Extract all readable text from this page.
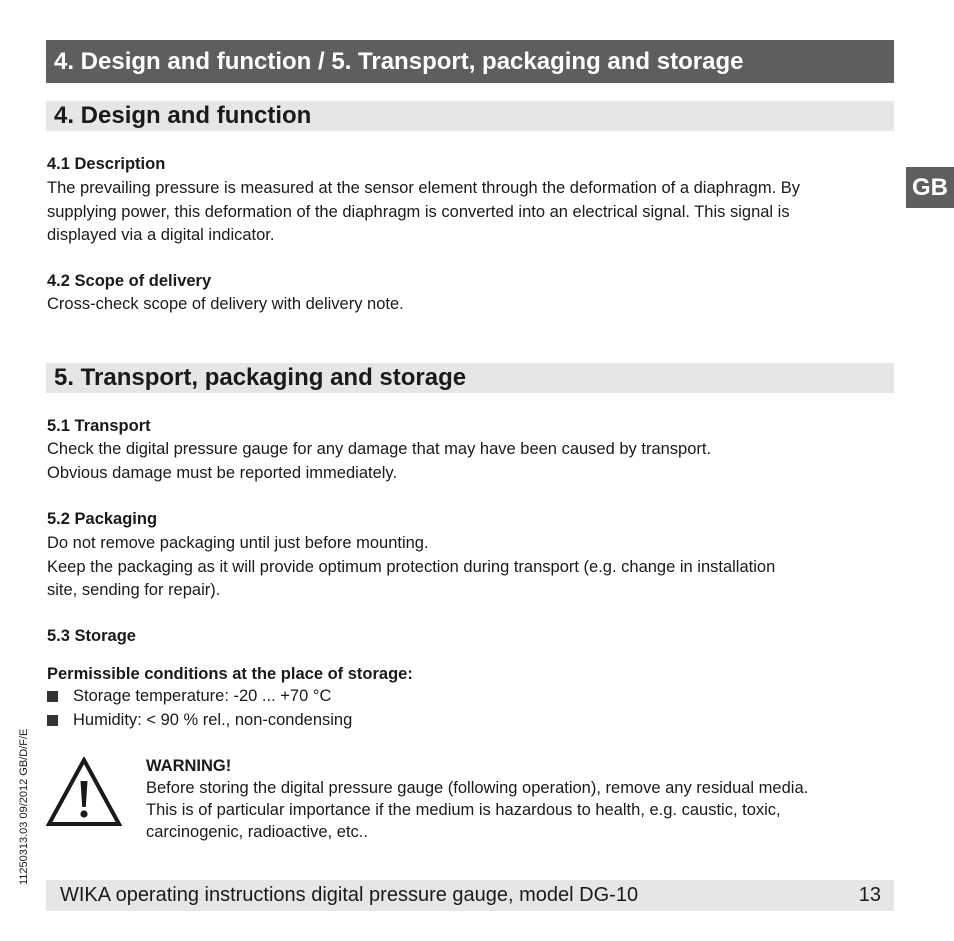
4. Design and function / 5. Transport, packaging and storage
GB
11250313.03 09/2012 GB/D/F/E
4. Design and function
4.1 Description
The prevailing pressure is measured at the sensor element through the deformation of a diaphragm. By
supplying power, this deformation of the diaphragm is converted into an electrical signal. This signal is
displayed via a digital indicator.
4.2 Scope of delivery
Cross-check scope of delivery with delivery note.
5. Transport, packaging and storage
5.1 Transport
Check the digital pressure gauge for any damage that may have been caused by transport.
Obvious damage must be reported immediately.
5.2 Packaging
Do not remove packaging until just before mounting.
Keep the packaging as it will provide optimum protection during transport (e.g. change in installation
site, sending for repair).
5.3 Storage
Permissible conditions at the place of storage:
Storage temperature: -20 ... +70 °C
Humidity: < 90 % rel., non-condensing
WARNING!
Before storing the digital pressure gauge (following operation), remove any residual media.
This is of particular importance if the medium is hazardous to health, e.g. caustic, toxic,
carcinogenic, radioactive, etc..
WIKA operating instructions digital pressure gauge, model DG-10	13
